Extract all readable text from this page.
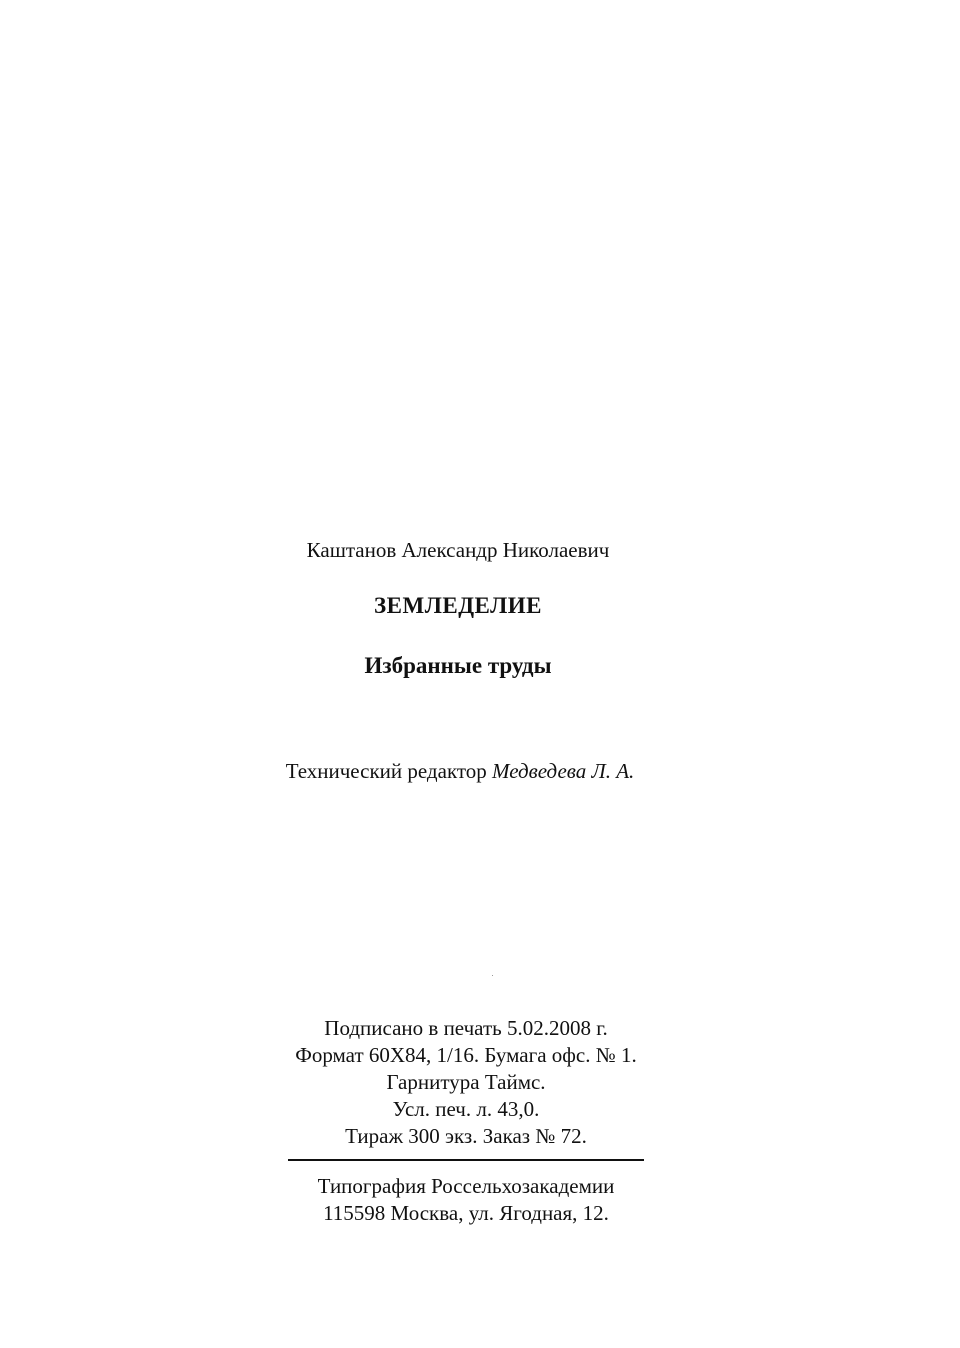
Каштанов Александр Николаевич
ЗЕМЛЕДЕЛИЕ
Избранные труды
Технический редактор Медведева Л. А.
Подписано в печать 5.02.2008 г.
Формат 60X84, 1/16. Бумага офс. № 1.
Гарнитура Таймс.
Усл. печ. л. 43,0.
Тираж 300 экз. Заказ № 72.
Типография Россельхозакадемии
115598 Москва, ул. Ягодная, 12.
